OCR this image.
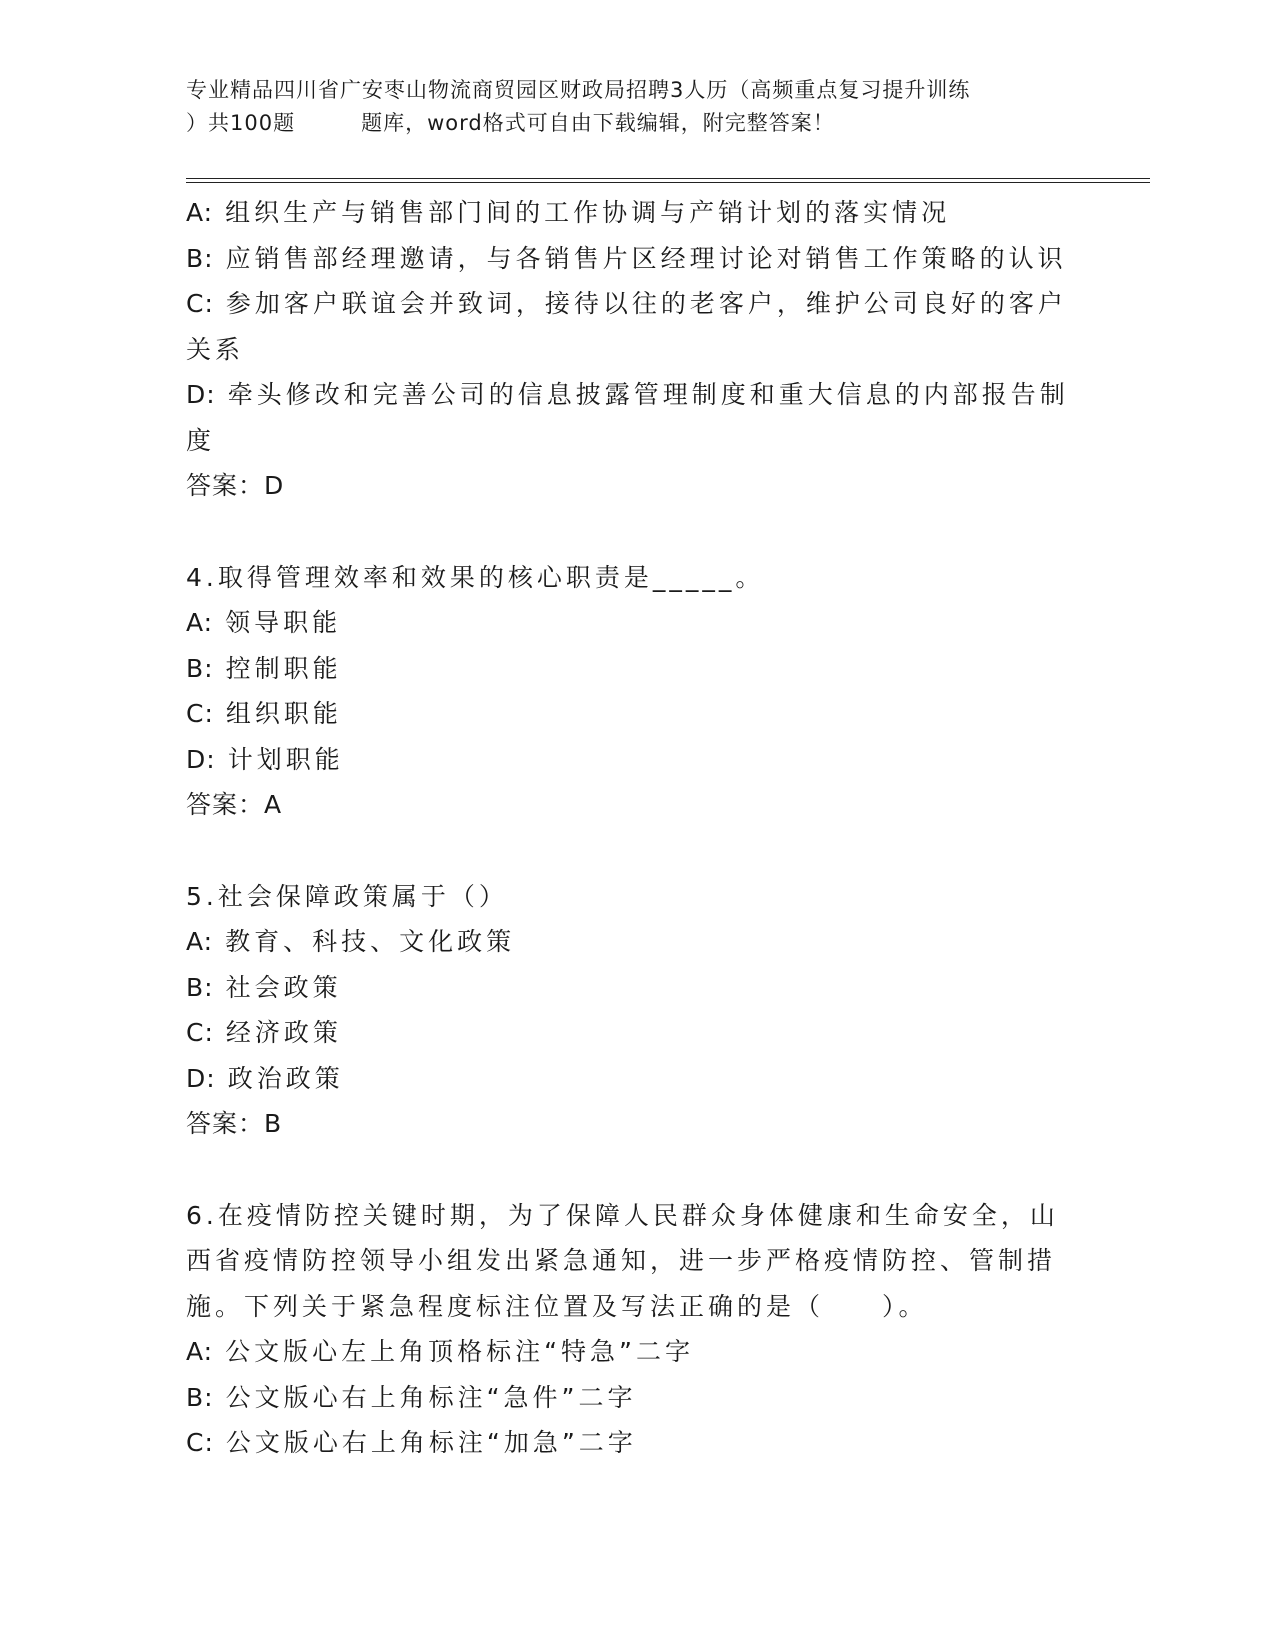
专业精品四川省广安枣山物流商贸园区财政局招聘3人历（高频重点复习提升训练
）共100题　　　题库，word格式可自由下载编辑，附完整答案！
A: 组织生产与销售部门间的工作协调与产销计划的落实情况
B: 应销售部经理邀请，与各销售片区经理讨论对销售工作策略的认识
C: 参加客户联谊会并致词，接待以往的老客户，维护公司良好的客户关系
D: 牵头修改和完善公司的信息披露管理制度和重大信息的内部报告制度
答案：D
4.取得管理效率和效果的核心职责是_____。
A: 领导职能
B: 控制职能
C: 组织职能
D: 计划职能
答案：A
5.社会保障政策属于（）
A: 教育、科技、文化政策
B: 社会政策
C: 经济政策
D: 政治政策
答案：B
6.在疫情防控关键时期，为了保障人民群众身体健康和生命安全，山西省疫情防控领导小组发出紧急通知，进一步严格疫情防控、管制措施。下列关于紧急程度标注位置及写法正确的是（　　）。
A: 公文版心左上角顶格标注“特急”二字
B: 公文版心右上角标注“急件”二字
C: 公文版心右上角标注“加急”二字
